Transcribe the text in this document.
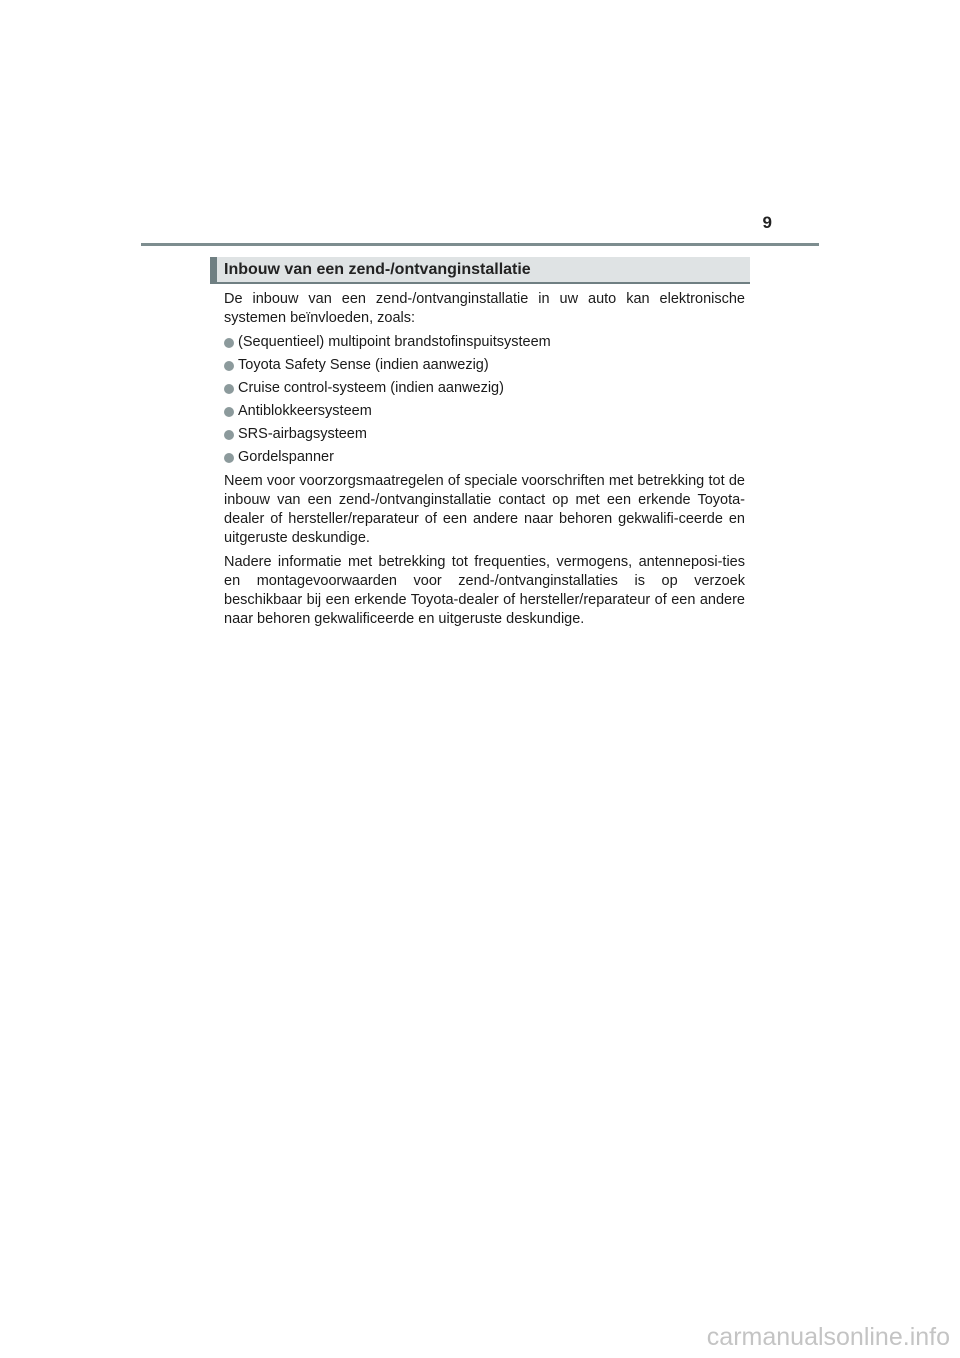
9
Inbouw van een zend-/ontvanginstallatie

De inbouw van een zend-/ontvanginstallatie in uw auto kan elektronische systemen beïnvloeden, zoals:

(Sequentieel) multipoint brandstofinspuitsysteem
Toyota Safety Sense (indien aanwezig)
Cruise control-systeem (indien aanwezig)
Antiblokkeersysteem
SRS-airbagsysteem
Gordelspanner

Neem voor voorzorgsmaatregelen of speciale voorschriften met betrekking tot de inbouw van een zend-/ontvanginstallatie contact op met een erkende Toyota-dealer of hersteller/reparateur of een andere naar behoren gekwalifi-ceerde en uitgeruste deskundige.

Nadere informatie met betrekking tot frequenties, vermogens, antenneposi-ties en montagevoorwaarden voor zend-/ontvanginstallaties is op verzoek beschikbaar bij een erkende Toyota-dealer of hersteller/reparateur of een andere naar behoren gekwalificeerde en uitgeruste deskundige.

carmanualsonline.info
